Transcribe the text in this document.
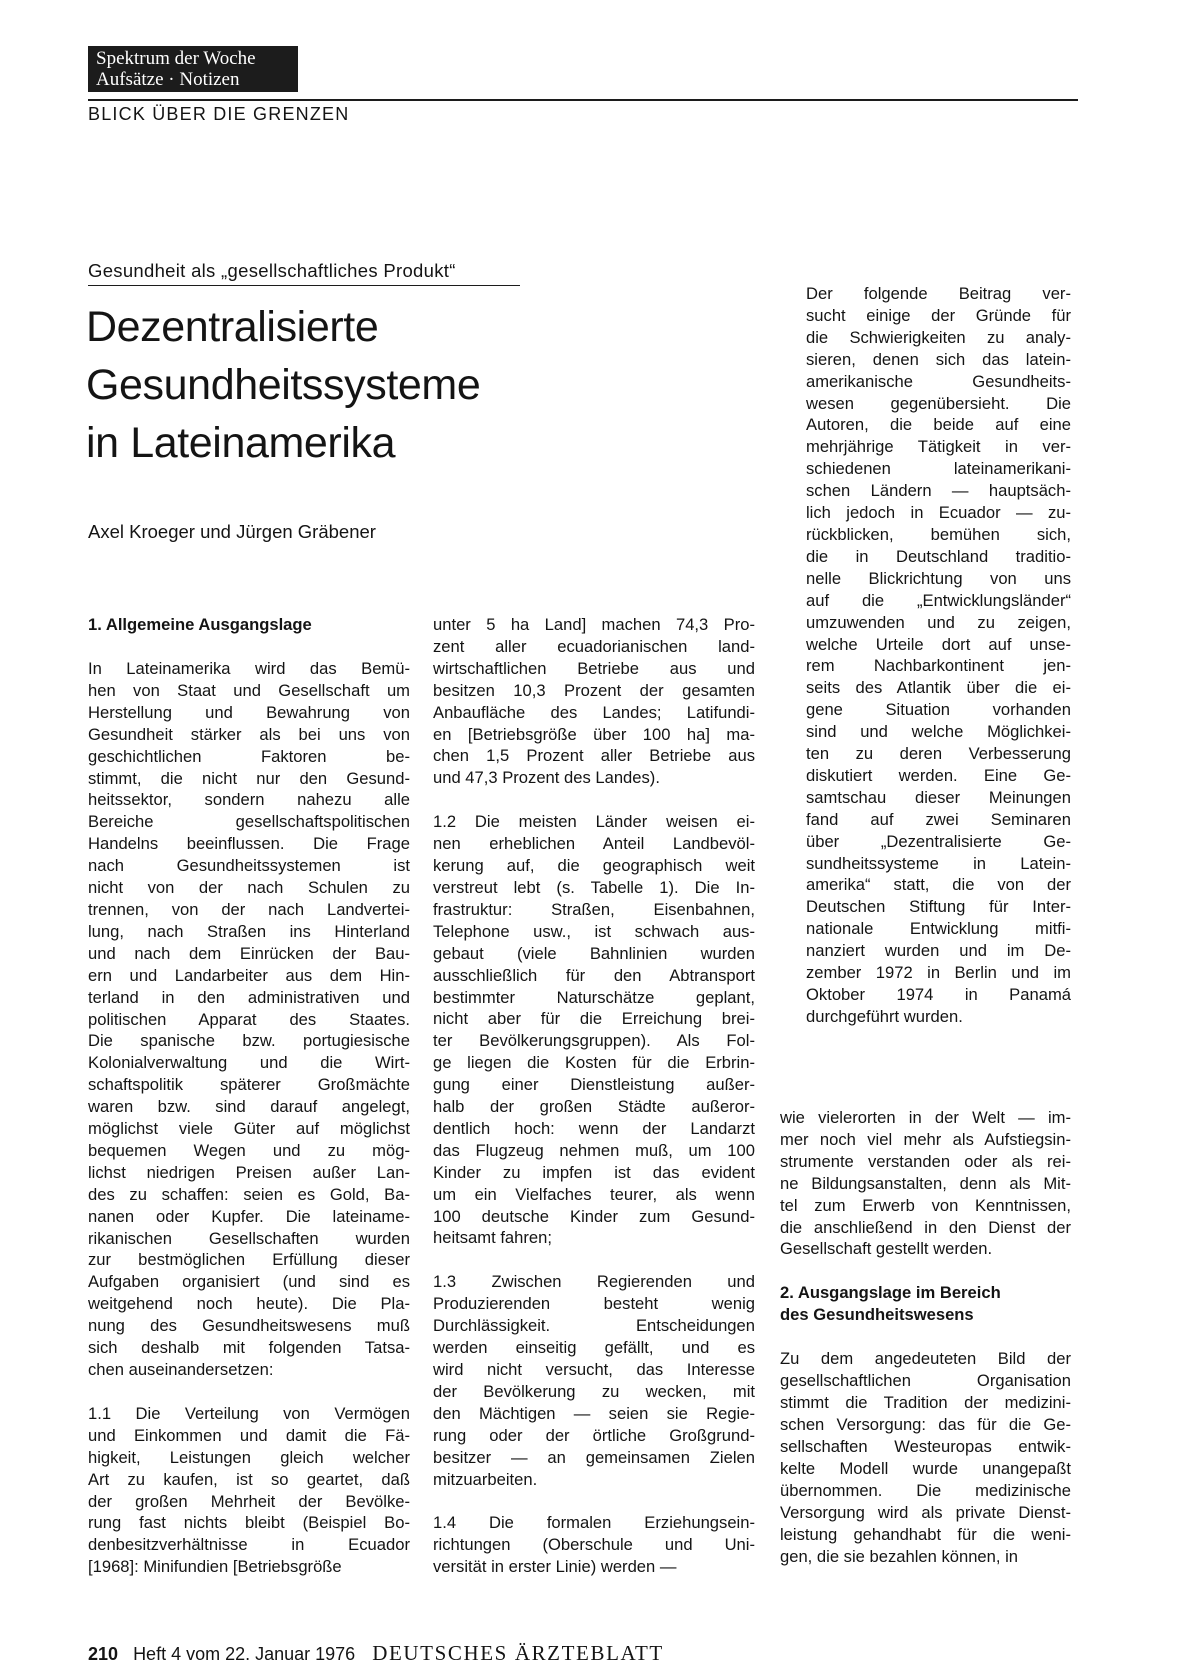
Spektrum der Woche
Aufsätze · Notizen
BLICK ÜBER DIE GRENZEN
Gesundheit als „gesellschaftliches Produkt“
Dezentralisierte
Gesundheitssysteme
in Lateinamerika
Axel Kroeger und Jürgen Gräbener
1. Allgemeine Ausgangslage

In Lateinamerika wird das Bemü-
hen von Staat und Gesellschaft um
Herstellung und Bewahrung von
Gesundheit stärker als bei uns von
geschichtlichen Faktoren be-
stimmt, die nicht nur den Gesund-
heitssektor, sondern nahezu alle
Bereiche gesellschaftspolitischen
Handelns beeinflussen. Die Frage
nach Gesundheitssystemen ist
nicht von der nach Schulen zu
trennen, von der nach Landvertei-
lung, nach Straßen ins Hinterland
und nach dem Einrücken der Bau-
ern und Landarbeiter aus dem Hin-
terland in den administrativen und
politischen Apparat des Staates.
Die spanische bzw. portugiesische
Kolonialverwaltung und die Wirt-
schaftspolitik späterer Großmächte
waren bzw. sind darauf angelegt,
möglichst viele Güter auf möglichst
bequemen Wegen und zu mög-
lichst niedrigen Preisen außer Lan-
des zu schaffen: seien es Gold, Ba-
nanen oder Kupfer. Die lateiname-
rikanischen Gesellschaften wurden
zur bestmöglichen Erfüllung dieser
Aufgaben organisiert (und sind es
weitgehend noch heute). Die Pla-
nung des Gesundheitswesens muß
sich deshalb mit folgenden Tatsa-
chen auseinandersetzen:

1.1 Die Verteilung von Vermögen
und Einkommen und damit die Fä-
higkeit, Leistungen gleich welcher
Art zu kaufen, ist so geartet, daß
der großen Mehrheit der Bevölke-
rung fast nichts bleibt (Beispiel Bo-
denbesitzverhältnisse in Ecuador
[1968]: Minifundien [Betriebsgröße

unter 5 ha Land] machen 74,3 Pro-
zent aller ecuadorianischen land-
wirtschaftlichen Betriebe aus und
besitzen 10,3 Prozent der gesamten
Anbaufläche des Landes; Latifundi-
en [Betriebsgröße über 100 ha] ma-
chen 1,5 Prozent aller Betriebe aus
und 47,3 Prozent des Landes).

1.2 Die meisten Länder weisen ei-
nen erheblichen Anteil Landbevöl-
kerung auf, die geographisch weit
verstreut lebt (s. Tabelle 1). Die In-
frastruktur: Straßen, Eisenbahnen,
Telephone usw., ist schwach aus-
gebaut (viele Bahnlinien wurden
ausschließlich für den Abtransport
bestimmter Naturschätze geplant,
nicht aber für die Erreichung brei-
ter Bevölkerungsgruppen). Als Fol-
ge liegen die Kosten für die Erbrin-
gung einer Dienstleistung außer-
halb der großen Städte außeror-
dentlich hoch: wenn der Landarzt
das Flugzeug nehmen muß, um 100
Kinder zu impfen ist das evident
um ein Vielfaches teurer, als wenn
100 deutsche Kinder zum Gesund-
heitsamt fahren;

1.3 Zwischen Regierenden und
Produzierenden besteht wenig
Durchlässigkeit. Entscheidungen
werden einseitig gefällt, und es
wird nicht versucht, das Interesse
der Bevölkerung zu wecken, mit
den Mächtigen — seien sie Regie-
rung oder der örtliche Großgrund-
besitzer — an gemeinsamen Zielen
mitzuarbeiten.

1.4 Die formalen Erziehungsein-
richtungen (Oberschule und Uni-
versität in erster Linie) werden —

Der folgende Beitrag ver-
sucht einige der Gründe für
die Schwierigkeiten zu analy-
sieren, denen sich das latein-
amerikanische Gesundheits-
wesen gegenübersieht. Die
Autoren, die beide auf eine
mehrjährige Tätigkeit in ver-
schiedenen lateinamerikani-
schen Ländern — hauptsäch-
lich jedoch in Ecuador — zu-
rückblicken, bemühen sich,
die in Deutschland traditio-
nelle Blickrichtung von uns
auf die „Entwicklungsländer“
umzuwenden und zu zeigen,
welche Urteile dort auf unse-
rem Nachbarkontinent jen-
seits des Atlantik über die ei-
gene Situation vorhanden
sind und welche Möglichkei-
ten zu deren Verbesserung
diskutiert werden. Eine Ge-
samtschau dieser Meinungen
fand auf zwei Seminaren
über „Dezentralisierte Ge-
sundheitssysteme in Latein-
amerika“ statt, die von der
Deutschen Stiftung für Inter-
nationale Entwicklung mitfi-
nanziert wurden und im De-
zember 1972 in Berlin und im
Oktober 1974 in Panamá
durchgeführt wurden.

wie vielerorten in der Welt — im-
mer noch viel mehr als Aufstiegsin-
strumente verstanden oder als rei-
ne Bildungsanstalten, denn als Mit-
tel zum Erwerb von Kenntnissen,
die anschließend in den Dienst der
Gesellschaft gestellt werden.

2. Ausgangslage im Bereich
des Gesundheitswesens

Zu dem angedeuteten Bild der
gesellschaftlichen Organisation
stimmt die Tradition der medizini-
schen Versorgung: das für die Ge-
sellschaften Westeuropas entwik-
kelte Modell wurde unangepaßt
übernommen. Die medizinische
Versorgung wird als private Dienst-
leistung gehandhabt für die weni-
gen, die sie bezahlen können, in

210 Heft 4 vom 22. Januar 1976 DEUTSCHES ÄRZTEBLATT
